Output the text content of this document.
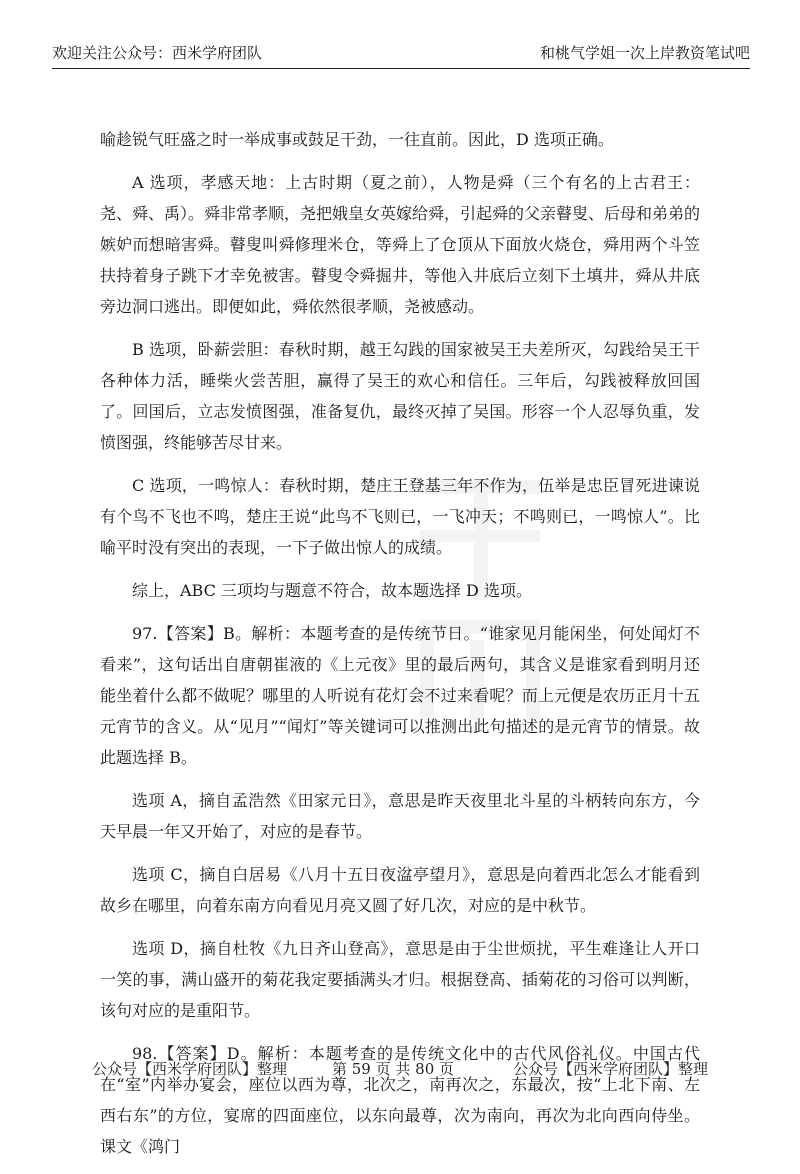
欢迎关注公众号：西米学府团队	和桃气学姐一次上岸教资笔试吧

喻趁锐气旺盛之时一举成事或鼓足干劲，一往直前。因此，D 选项正确。

A 选项，孝感天地：上古时期（夏之前），人物是舜（三个有名的上古君王：尧、舜、禹）。舜非常孝顺，尧把娥皇女英嫁给舜，引起舜的父亲瞽叟、后母和弟弟的嫉妒而想暗害舜。瞽叟叫舜修理米仓，等舜上了仓顶从下面放火烧仓，舜用两个斗笠扶持着身子跳下才幸免被害。瞽叟令舜掘井，等他入井底后立刻下土填井，舜从井底旁边洞口逃出。即便如此，舜依然很孝顺，尧被感动。

B 选项，卧薪尝胆：春秋时期，越王勾践的国家被吴王夫差所灭，勾践给吴王干各种体力活，睡柴火尝苦胆，赢得了吴王的欢心和信任。三年后，勾践被释放回国了。回国后，立志发愤图强，准备复仇，最终灭掉了吴国。形容一个人忍辱负重，发愤图强，终能够苦尽甘来。

C 选项，一鸣惊人：春秋时期，楚庄王登基三年不作为，伍举是忠臣冒死进谏说有个鸟不飞也不鸣，楚庄王说“此鸟不飞则已，一飞冲天；不鸣则已，一鸣惊人”。比喻平时没有突出的表现，一下子做出惊人的成绩。

综上，ABC 三项均与题意不符合，故本题选择 D 选项。

97.【答案】B。解析：本题考查的是传统节日。“谁家见月能闲坐，何处闻灯不看来”，这句话出自唐朝崔液的《上元夜》里的最后两句，其含义是谁家看到明月还能坐着什么都不做呢？哪里的人听说有花灯会不过来看呢？而上元便是农历正月十五元宵节的含义。从“见月”“闻灯”等关键词可以推测出此句描述的是元宵节的情景。故此题选择 B。

选项 A，摘自孟浩然《田家元日》，意思是昨天夜里北斗星的斗柄转向东方，今天早晨一年又开始了，对应的是春节。

选项 C，摘自白居易《八月十五日夜湓亭望月》，意思是向着西北怎么才能看到故乡在哪里，向着东南方向看见月亮又圆了好几次，对应的是中秋节。

选项 D，摘自杜牧《九日齐山登高》，意思是由于尘世烦扰，平生难逢让人开口一笑的事，满山盛开的菊花我定要插满头才归。根据登高、插菊花的习俗可以判断，该句对应的是重阳节。

98.【答案】D。解析：本题考查的是传统文化中的古代风俗礼仪。中国古代在“室”内举办宴会，座位以西为尊，北次之，南再次之，东最次，按“上北下南、左西右东”的方位，宴席的四面座位，以东向最尊，次为南向，再次为北向西向侍坐。课文《鸿门

公众号【西米学府团队】整理	第 59 页 共 80 页	公众号【西米学府团队】整理
